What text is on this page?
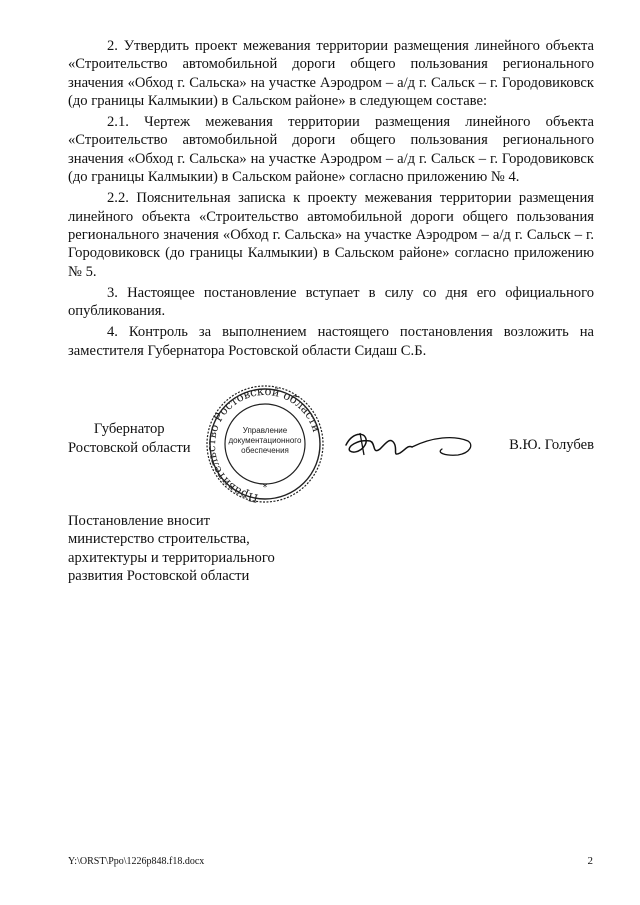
2. Утвердить проект межевания территории размещения линейного объекта «Строительство автомобильной дороги общего пользования регионального значения «Обход г. Сальска» на участке Аэродром – а/д г. Сальск – г. Городовиковск (до границы Калмыкии) в Сальском районе» в следующем составе:

2.1. Чертеж межевания территории размещения линейного объекта «Строительство автомобильной дороги общего пользования регионального значения «Обход г. Сальска» на участке Аэродром – а/д г. Сальск – г. Городовиковск (до границы Калмыкии) в Сальском районе» согласно приложению № 4.

2.2. Пояснительная записка к проекту межевания территории размещения линейного объекта «Строительство автомобильной дороги общего пользования регионального значения «Обход г. Сальска» на участке Аэродром – а/д г. Сальск – г. Городовиковск (до границы Калмыкии) в Сальском районе» согласно приложению № 5.

3. Настоящее постановление вступает в силу со дня его официального опубликования.

4. Контроль за выполнением настоящего постановления возложить на заместителя Губернатора Ростовской области Сидаш С.Б.

Губернатор
Ростовской области
Правительство Ростовской области
Управление
документационного
обеспечения
*
В.Ю. Голубев
Постановление вносит
министерство строительства,
архитектуры и территориального
развития Ростовской области
Y:\ORST\Ppo\1226p848.f18.docx	2
